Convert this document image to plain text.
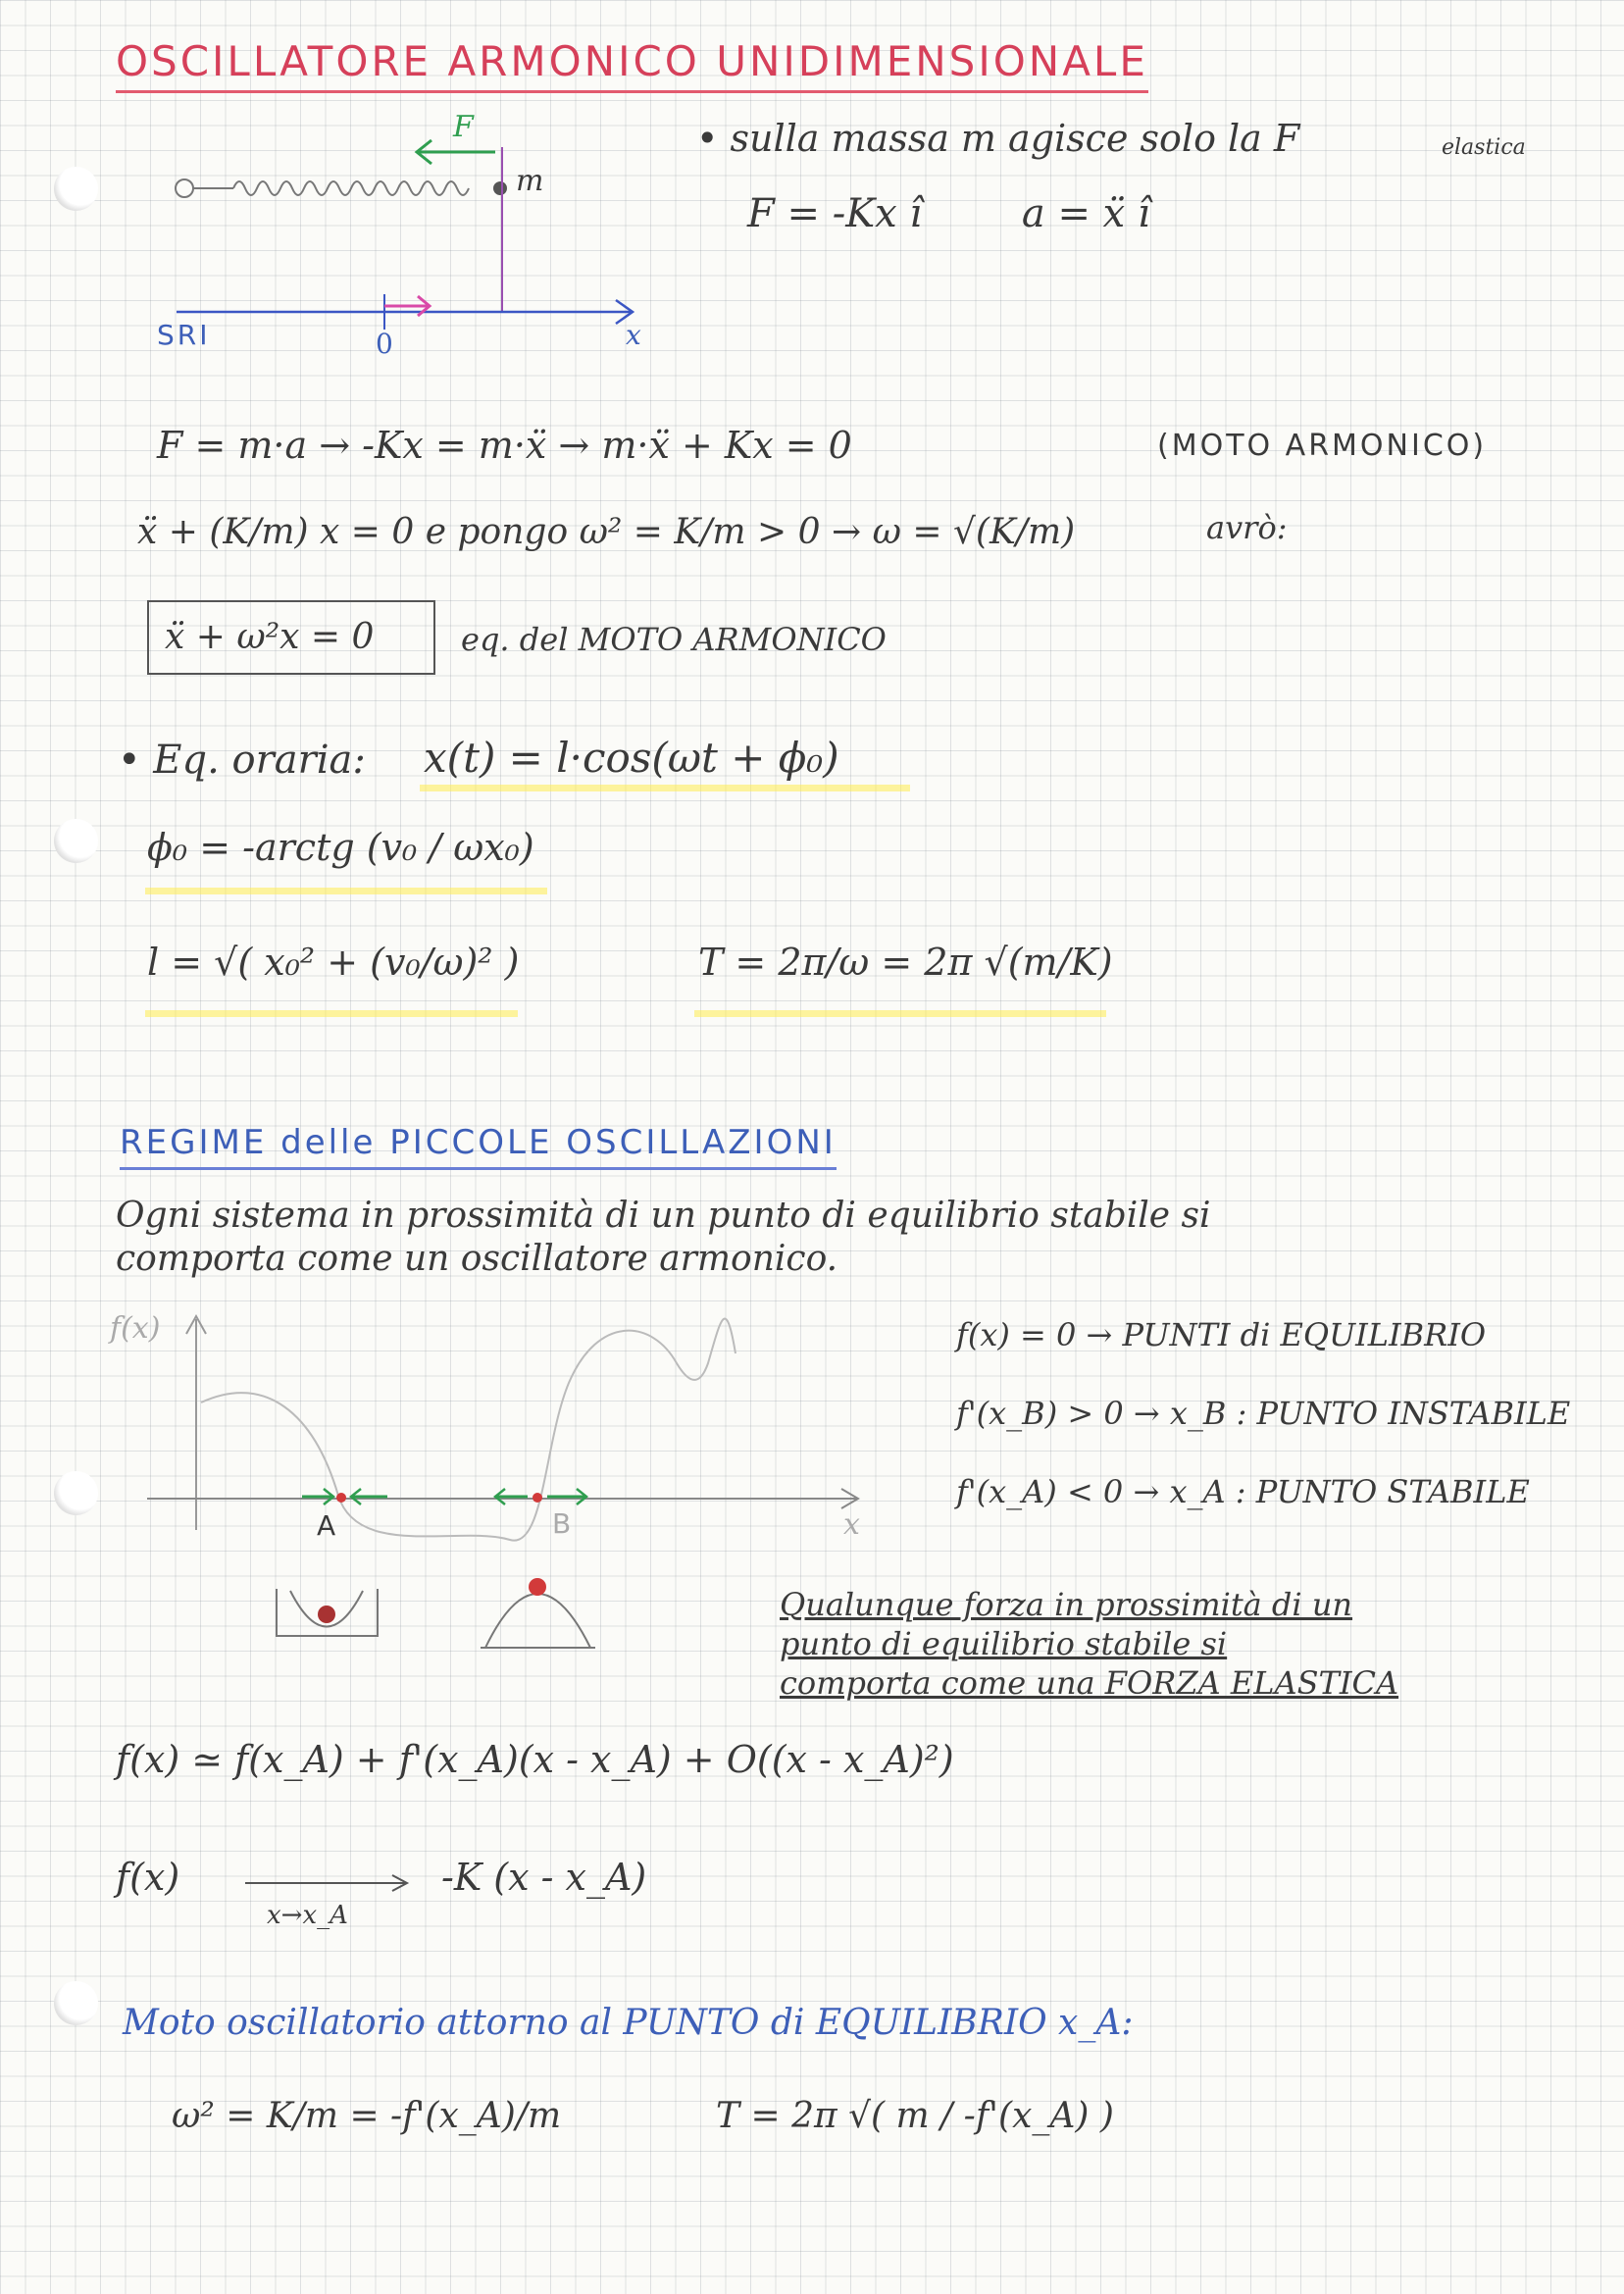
OSCILLATORE ARMONICO UNIDIMENSIONALE
F
m
SRI	0	x
• sulla massa m agisce solo la F	elastica
F = -Kx î        a = ẍ î
F = m·a → -Kx = m·ẍ → m·ẍ + Kx = 0	(MOTO ARMONICO)
ẍ + (K/m) x = 0 e pongo ω² = K/m > 0 → ω = √(K/m)	avrò:
ẍ + ω²x = 0	eq. del MOTO ARMONICO
• Eq. oraria: x(t) = l·cos(ωt + ϕ₀)
ϕ₀ = -arctg (v₀ / ωx₀)
l = √( x₀² + (v₀/ω)² )	T = 2π/ω = 2π √(m/K)
REGIME delle PICCOLE OSCILLAZIONI
Ogni sistema in prossimità di un punto di equilibrio stabile si
comporta come un oscillatore armonico.
f(x)
x
A	B
f(x) = 0 → PUNTI di EQUILIBRIO
f'(x_B) > 0 → x_B : PUNTO INSTABILE
f'(x_A) < 0 → x_A : PUNTO STABILE
Qualunque forza in prossimità di un
punto di equilibrio stabile si
comporta come una FORZA ELASTICA
f(x) ≃ f(x_A) + f'(x_A)(x - x_A) + O((x - x_A)²)
f(x)
x→x_A
-K (x - x_A)
Moto oscillatorio attorno al PUNTO di EQUILIBRIO x_A:
ω² = K/m = -f'(x_A)/m	T = 2π √( m / -f'(x_A) )
